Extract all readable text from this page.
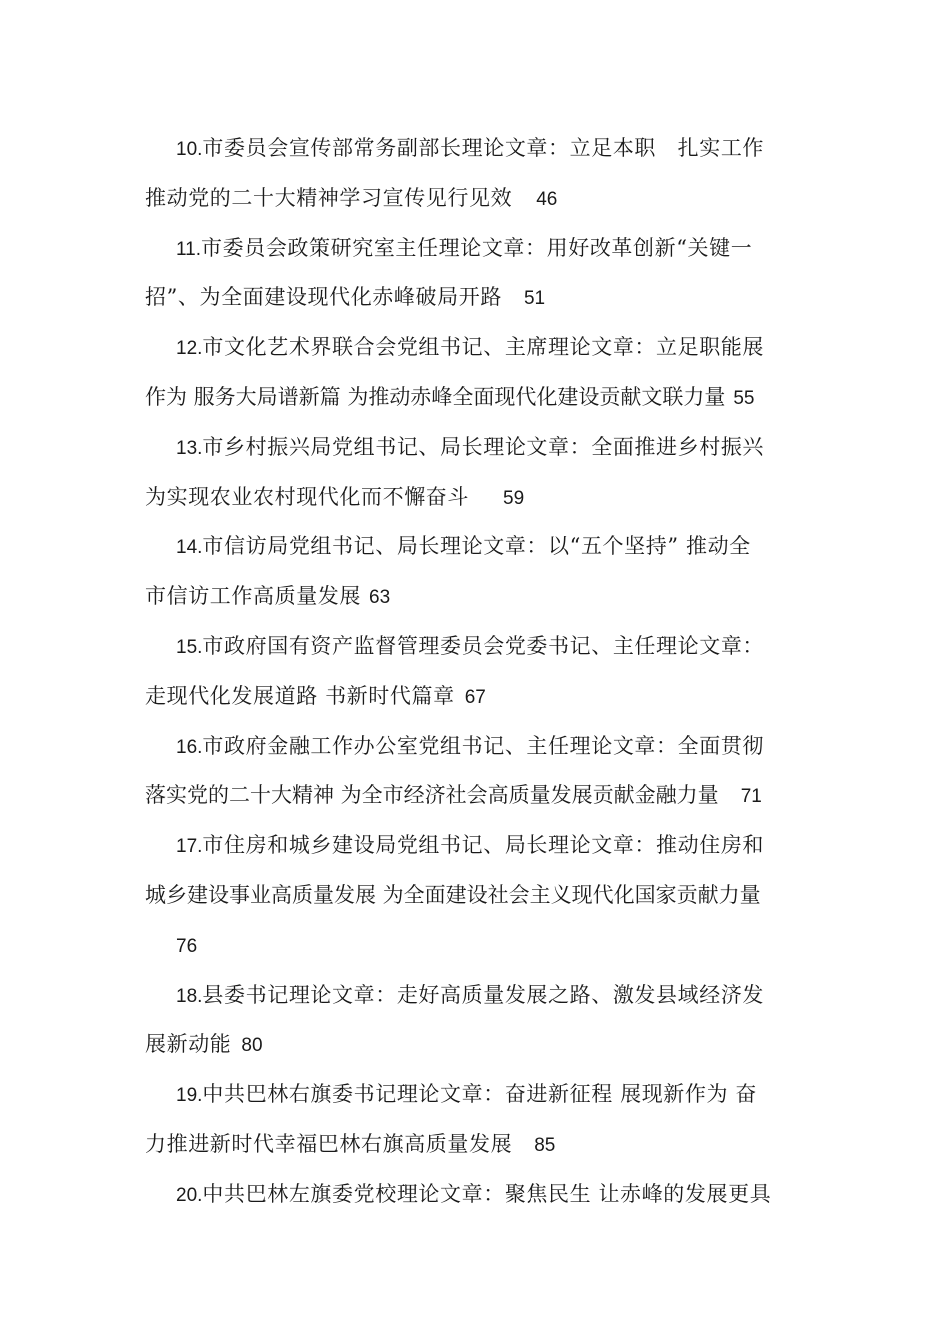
10.市委员会宣传部常务副部长理论文章：立足本职　扎实工作
推动党的二十大精神学习宣传见行见效 46
11.市委员会政策研究室主任理论文章：用好改革创新“关键一
招”、为全面建设现代化赤峰破局开路 51
12.市文化艺术界联合会党组书记、主席理论文章：立足职能展
作为 服务大局谱新篇 为推动赤峰全面现代化建设贡献文联力量 55
13.市乡村振兴局党组书记、局长理论文章：全面推进乡村振兴
为实现农业农村现代化而不懈奋斗 59
14.市信访局党组书记、局长理论文章：以“五个坚持” 推动全
市信访工作高质量发展 63
15.市政府国有资产监督管理委员会党委书记、主任理论文章：
走现代化发展道路 书新时代篇章 67
16.市政府金融工作办公室党组书记、主任理论文章：全面贯彻
落实党的二十大精神 为全市经济社会高质量发展贡献金融力量 71
17.市住房和城乡建设局党组书记、局长理论文章：推动住房和
城乡建设事业高质量发展 为全面建设社会主义现代化国家贡献力量
76
18.县委书记理论文章：走好高质量发展之路、激发县域经济发
展新动能 80
19.中共巴林右旗委书记理论文章：奋进新征程 展现新作为 奋
力推进新时代幸福巴林右旗高质量发展 85
20.中共巴林左旗委党校理论文章：聚焦民生 让赤峰的发展更具
